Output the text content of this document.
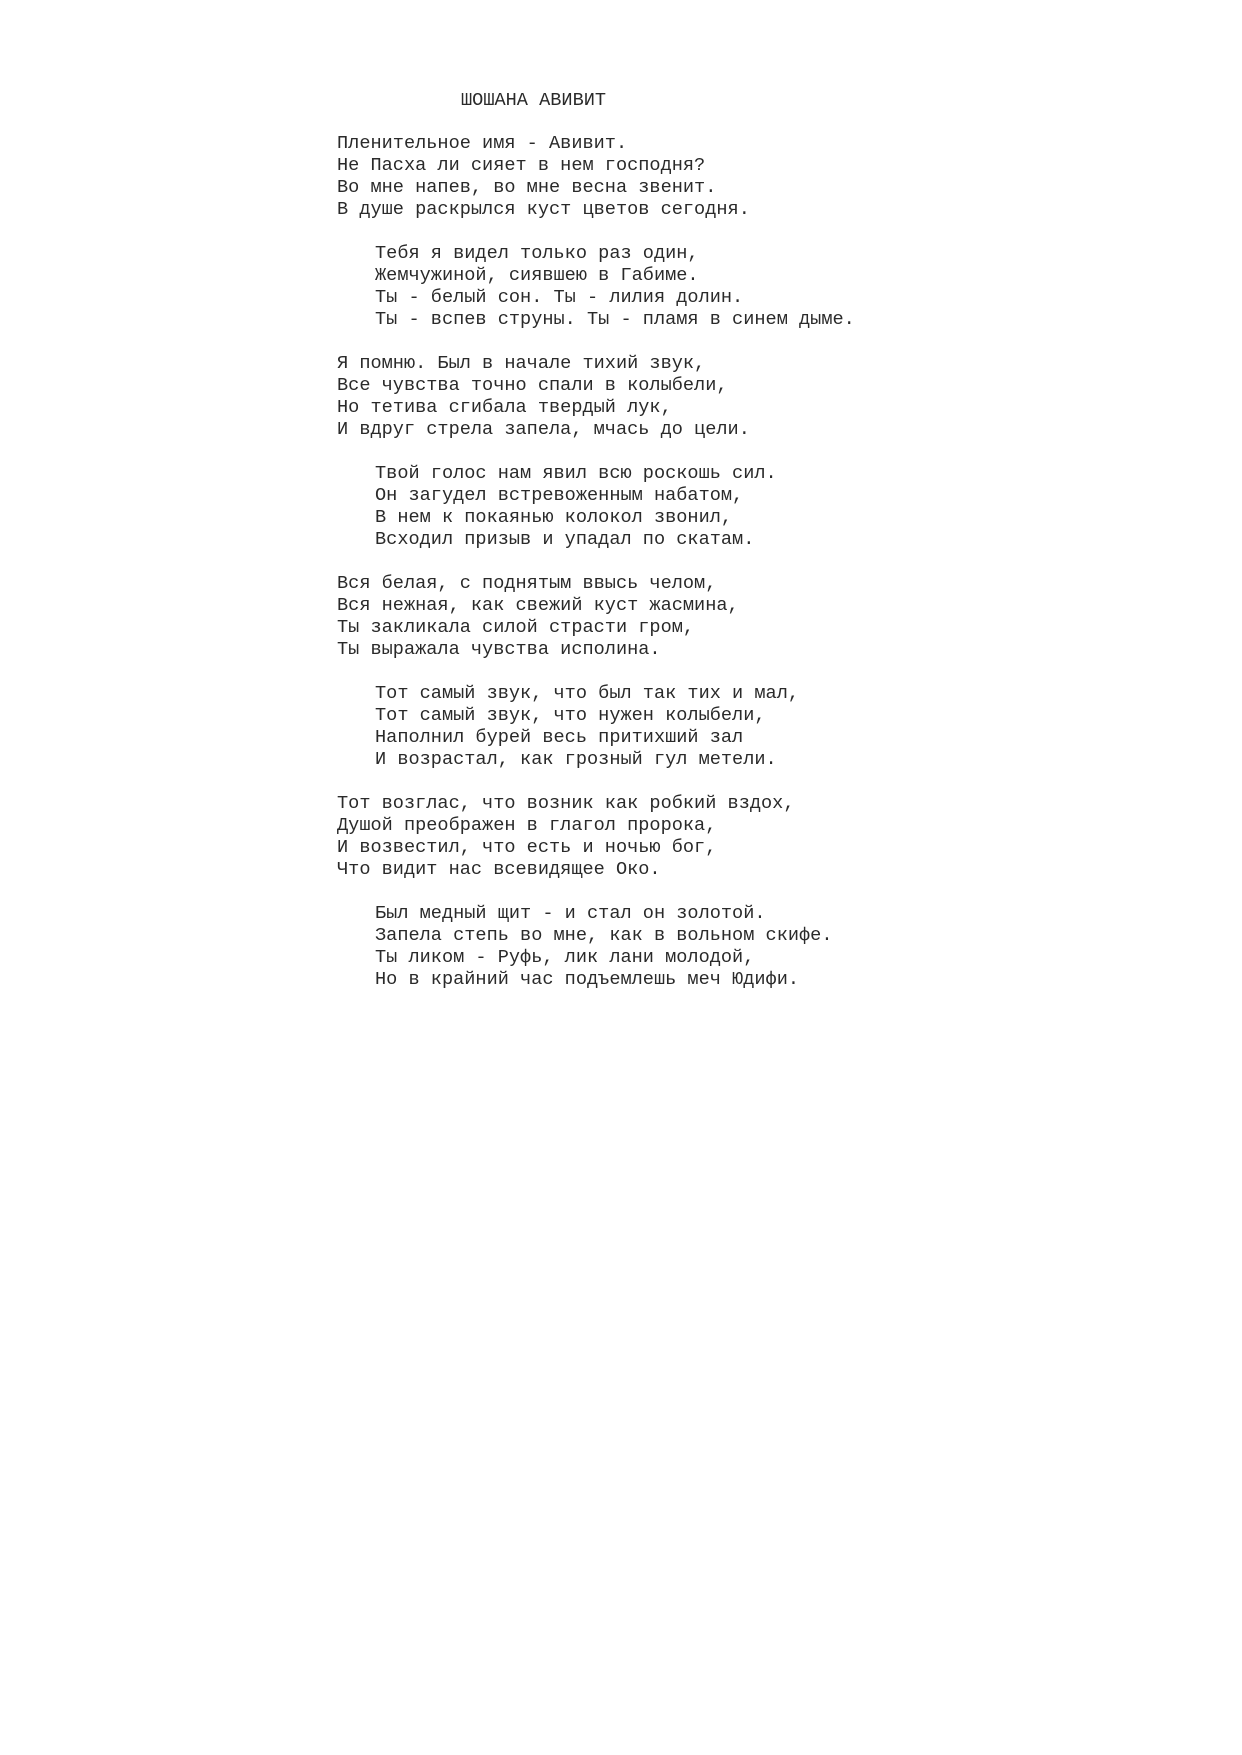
ШОШАНА АВИВИТ
Пленительное имя - Авивит.
Не Пасха ли сияет в нем господня?
Во мне напев, во мне весна звенит.
В душе раскрылся куст цветов сегодня.
Тебя я видел только раз один,
Жемчужиной, сиявшею в Габиме.
Ты - белый сон. Ты - лилия долин.
Ты - вспев струны. Ты - пламя в синем дыме.
Я помню. Был в начале тихий звук,
Все чувства точно спали в колыбели,
Но тетива сгибала твердый лук,
И вдруг стрела запела, мчась до цели.
Твой голос нам явил всю роскошь сил.
Он загудел встревоженным набатом,
В нем к покаянью колокол звонил,
Всходил призыв и упадал по скатам.
Вся белая, с поднятым ввысь челом,
Вся нежная, как свежий куст жасмина,
Ты закликала силой страсти гром,
Ты выражала чувства исполина.
Тот самый звук, что был так тих и мал,
Тот самый звук, что нужен колыбели,
Наполнил бурей весь притихший зал
И возрастал, как грозный гул метели.
Тот возглас, что возник как робкий вздох,
Душой преображен в глагол пророка,
И возвестил, что есть и ночью бог,
Что видит нас всевидящее Око.
Был медный щит - и стал он золотой.
Запела степь во мне, как в вольном скифе.
Ты ликом - Руфь, лик лани молодой,
Но в крайний час подъемлешь меч Юдифи.
